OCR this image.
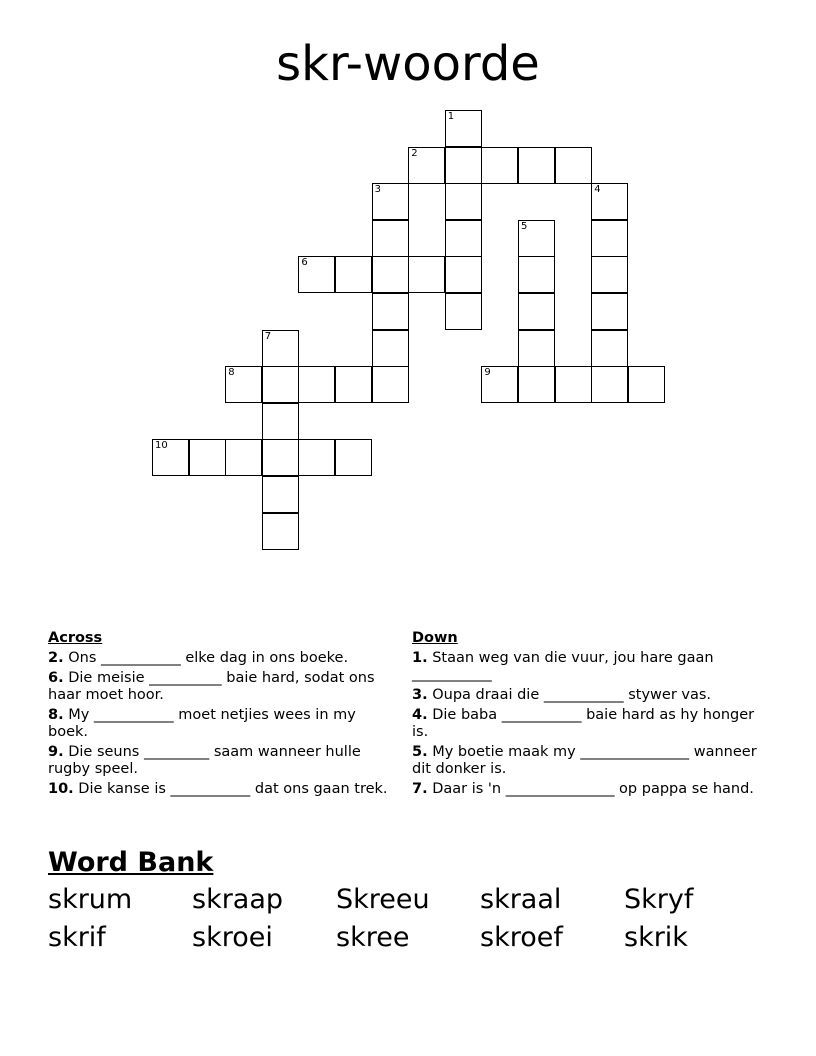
skr-woorde
1
2
3	4
5
6
7
8	9
10
Across
2. Ons ___________ elke dag in ons boeke.
6. Die meisie __________ baie hard, sodat ons haar moet hoor.
8. My ___________ moet netjies wees in my boek.
9. Die seuns _________ saam wanneer hulle rugby speel.
10. Die kanse is ___________ dat ons gaan trek.
Down
1. Staan weg van die vuur, jou hare gaan ___________
3. Oupa draai die ___________ stywer vas.
4. Die baba ___________ baie hard as hy honger is.
5. My boetie maak my _______________ wanneer dit donker is.
7. Daar is 'n _______________ op pappa se hand.
Word Bank
skrum	skraap	Skreeu	skraal	Skryf
skrif	skroei	skree	skroef	skrik
